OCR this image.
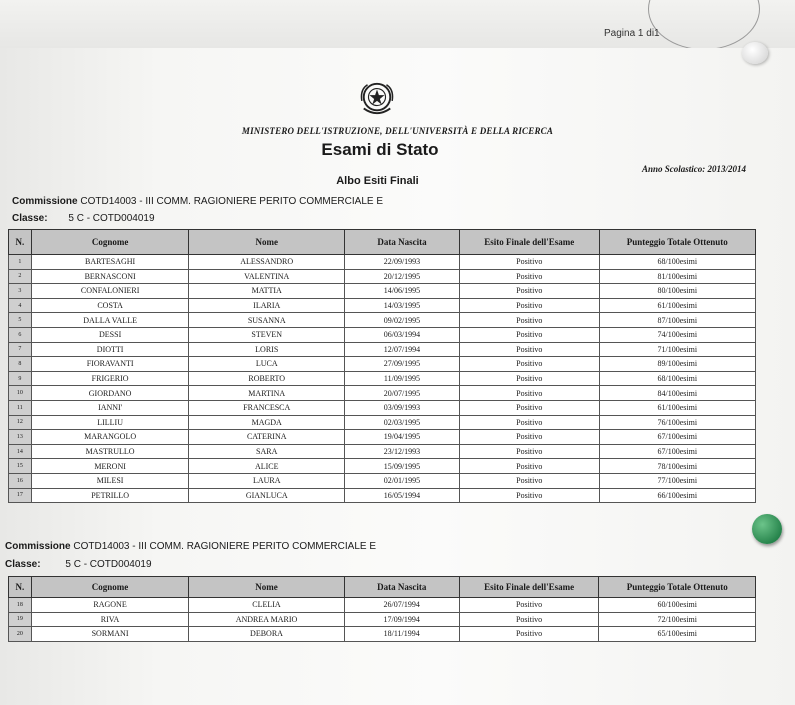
Pagina 1 di1
MINISTERO DELL'ISTRUZIONE, DELL'UNIVERSITÀ E DELLA RICERCA
Esami di Stato
Anno Scolastico: 2013/2014
Albo Esiti Finali
Commissione COTD14003 - III COMM. RAGIONIERE PERITO COMMERCIALE E
Classe: 5 C - COTD004019
N.	Cognome	Nome	Data Nascita	Esito Finale dell'Esame	Punteggio Totale Ottenuto
1	BARTESAGHI	ALESSANDRO	22/09/1993	Positivo	68/100esimi
2	BERNASCONI	VALENTINA	20/12/1995	Positivo	81/100esimi
3	CONFALONIERI	MATTIA	14/06/1995	Positivo	80/100esimi
4	COSTA	ILARIA	14/03/1995	Positivo	61/100esimi
5	DALLA VALLE	SUSANNA	09/02/1995	Positivo	87/100esimi
6	DESSI	STEVEN	06/03/1994	Positivo	74/100esimi
7	DIOTTI	LORIS	12/07/1994	Positivo	71/100esimi
8	FIORAVANTI	LUCA	27/09/1995	Positivo	89/100esimi
9	FRIGERIO	ROBERTO	11/09/1995	Positivo	68/100esimi
10	GIORDANO	MARTINA	20/07/1995	Positivo	84/100esimi
11	IANNI'	FRANCESCA	03/09/1993	Positivo	61/100esimi
12	LILLIU	MAGDA	02/03/1995	Positivo	76/100esimi
13	MARANGOLO	CATERINA	19/04/1995	Positivo	67/100esimi
14	MASTRULLO	SARA	23/12/1993	Positivo	67/100esimi
15	MERONI	ALICE	15/09/1995	Positivo	78/100esimi
16	MILESI	LAURA	02/01/1995	Positivo	77/100esimi
17	PETRILLO	GIANLUCA	16/05/1994	Positivo	66/100esimi
Commissione COTD14003 - III COMM. RAGIONIERE PERITO COMMERCIALE E
Classe: 5 C - COTD004019
N.	Cognome	Nome	Data Nascita	Esito Finale dell'Esame	Punteggio Totale Ottenuto
18	RAGONE	CLELIA	26/07/1994	Positivo	60/100esimi
19	RIVA	ANDREA MARIO	17/09/1994	Positivo	72/100esimi
20	SORMANI	DEBORA	18/11/1994	Positivo	65/100esimi
